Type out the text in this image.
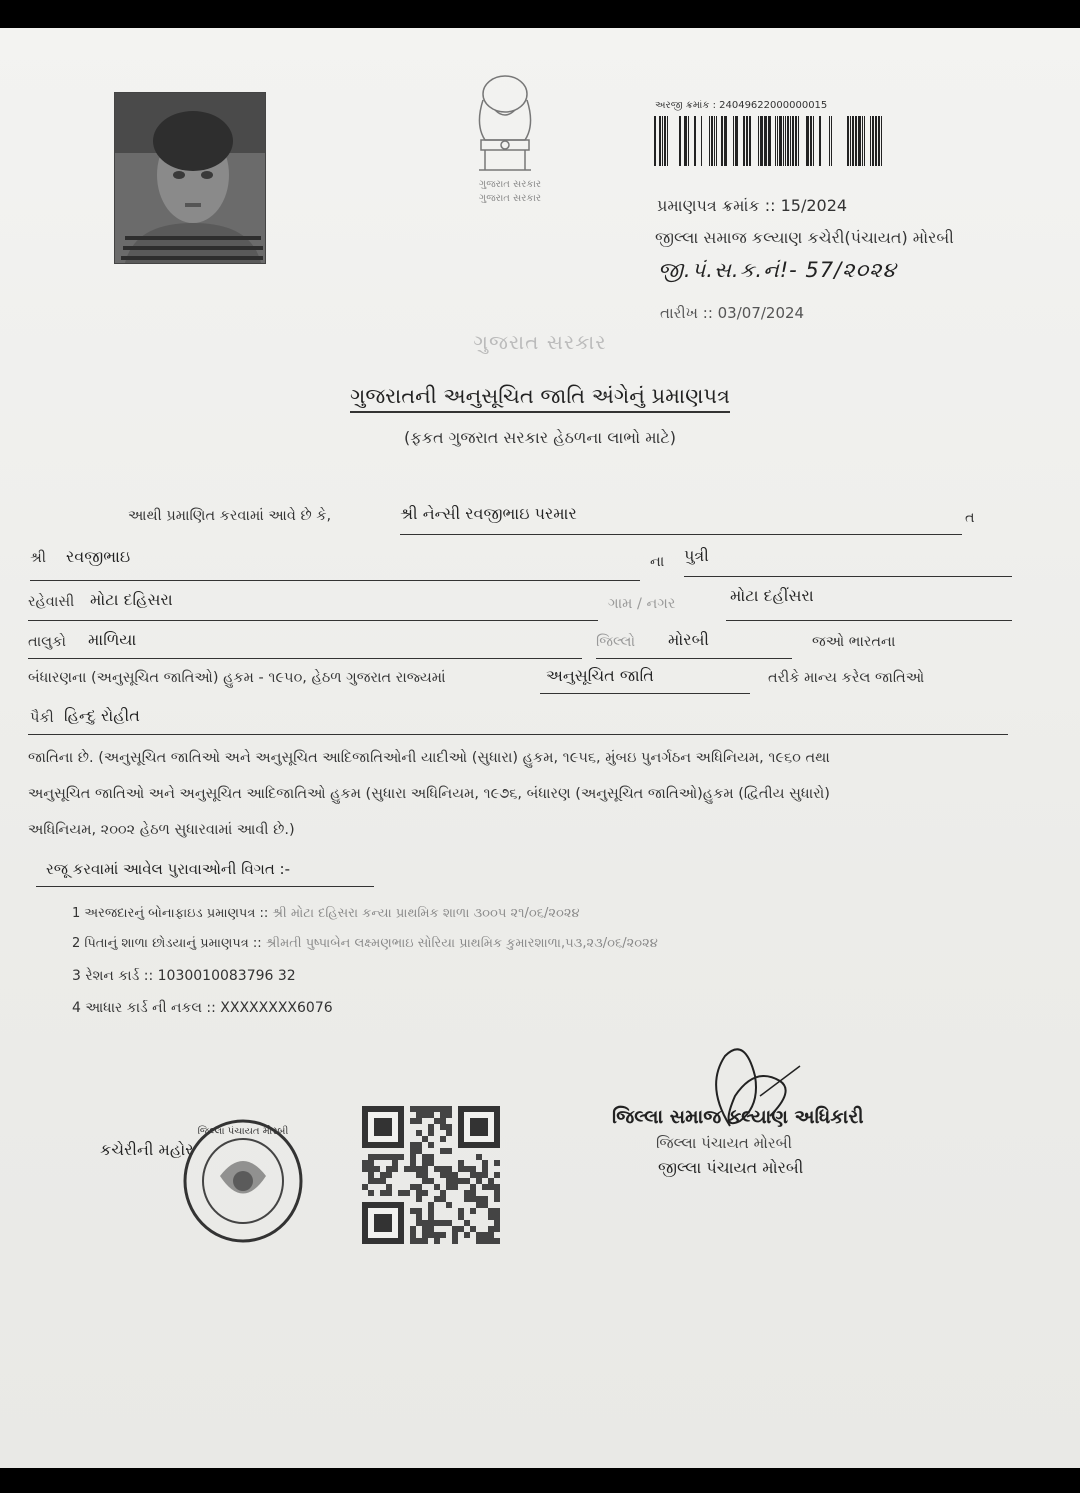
ગુજરાત સરકાર
ગુજરાત સરકાર
અરજી ક્રમાંક : 24049622000000015
પ્રમાણપત્ર ક્રમાંક :: 15/2024
જીલ્લા સમાજ કલ્યાણ કચેરી(પંચાયત) મોરબી
જી.પં.સ.ક.નં!- 57/૨૦૨૪
તારીખ :: 03/07/2024
ગુજરાત સરકાર
ગુજરાતની અનુસૂચિત જાતિ અંગેનું પ્રમાણપત્ર
(ફકત ગુજરાત સરકાર હેઠળના લાભો માટે)
આથી પ્રમાણિત કરવામાં આવે છે કે,	શ્રી નેન્સી રવજીભાઇ પરમાર	ત
શ્રી રવજીભાઇ	ના પુત્રી
રહેવાસી મોટા દહિસરા	ગામ / નગર	મોટા દહીંસરા
તાલુકો માળિયા	જિલ્લો મોરબી	જઓ ભારતના
બંધારણના (અનુસૂચિત જાતિઓ) હુકમ - ૧૯૫૦, હેઠળ ગુજરાત રાજ્યમાં	અનુસૂચિત જાતિ	તરીકે માન્ય કરેલ જાતિઓ
પૈકી હિન્દુ રોહીત
જાતિના છે. (અનુસૂચિત જાતિઓ અને અનુસૂચિત આદિજાતિઓની યાદીઓ (સુધારા) હુકમ, ૧૯૫૬, મુંબઇ પુનર્ગઠન અધિનિયમ, ૧૯૬૦ તથા
અનુસૂચિત જાતિઓ અને અનુસૂચિત આદિજાતિઓ હુકમ (સુધારા અધિનિયમ, ૧૯૭૬, બંધારણ (અનુસૂચિત જાતિઓ)હુકમ (દ્વિતીય સુધારો)
અધિનિયમ, ૨૦૦૨ હેઠળ સુધારવામાં આવી છે.)
રજૂ કરવામાં આવેલ પુરાવાઓની વિગત :-
1 અરજદારનું બોનાફાઇડ પ્રમાણપત્ર :: શ્રી મોટા દહિસરા કન્યા પ્રાથમિક શાળા ૩૦૦૫ ૨૧/૦૬/૨૦૨૪
2 પિતાનું શાળા છોડયાનું પ્રમાણપત્ર :: શ્રીમતી પુષ્પાબેન લક્ષ્મણભાઇ સોરિયા પ્રાથમિક કુમારશાળા,૫૩,૨૩/૦૬/૨૦૨૪
3 રેશન કાર્ડ :: 1030010083796 32
4 આધાર કાર્ડ ની નકલ :: XXXXXXXX6076
કચેરીની મહોર
જિલ્લા પંચાયત મોરબી
જિલ્લા સમાજ કલ્યાણ અધિકારી
જિલ્લા પંચાયત મોરબી
જીલ્લા પંચાયત મોરબી
